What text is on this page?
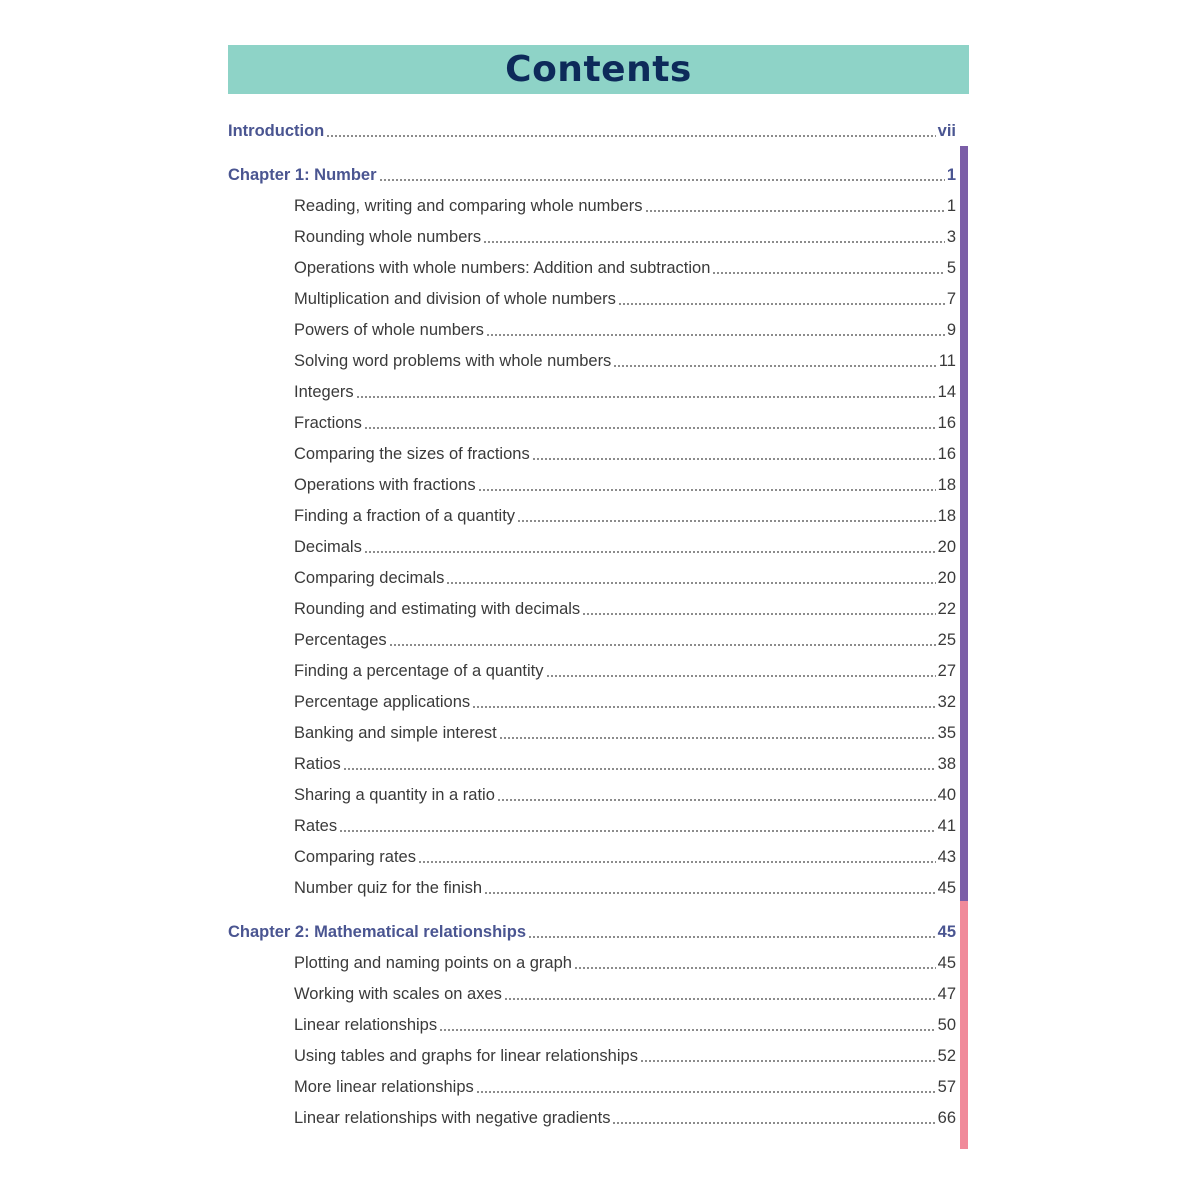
Contents
Introduction	vii
Chapter 1: Number	1
Reading, writing and comparing whole numbers	1
Rounding whole numbers	3
Operations with whole numbers: Addition and subtraction	5
Multiplication and division of whole numbers	7
Powers of whole numbers	9
Solving word problems with whole numbers	11
Integers	14
Fractions	16
Comparing the sizes of fractions	16
Operations with fractions	18
Finding a fraction of a quantity	18
Decimals	20
Comparing decimals	20
Rounding and estimating with decimals	22
Percentages	25
Finding a percentage of a quantity	27
Percentage applications	32
Banking and simple interest	35
Ratios	38
Sharing a quantity in a ratio	40
Rates	41
Comparing rates	43
Number quiz for the finish	45
Chapter 2: Mathematical relationships	45
Plotting and naming points on a graph	45
Working with scales on axes	47
Linear relationships	50
Using tables and graphs for linear relationships	52
More linear relationships	57
Linear relationships with negative gradients	66
